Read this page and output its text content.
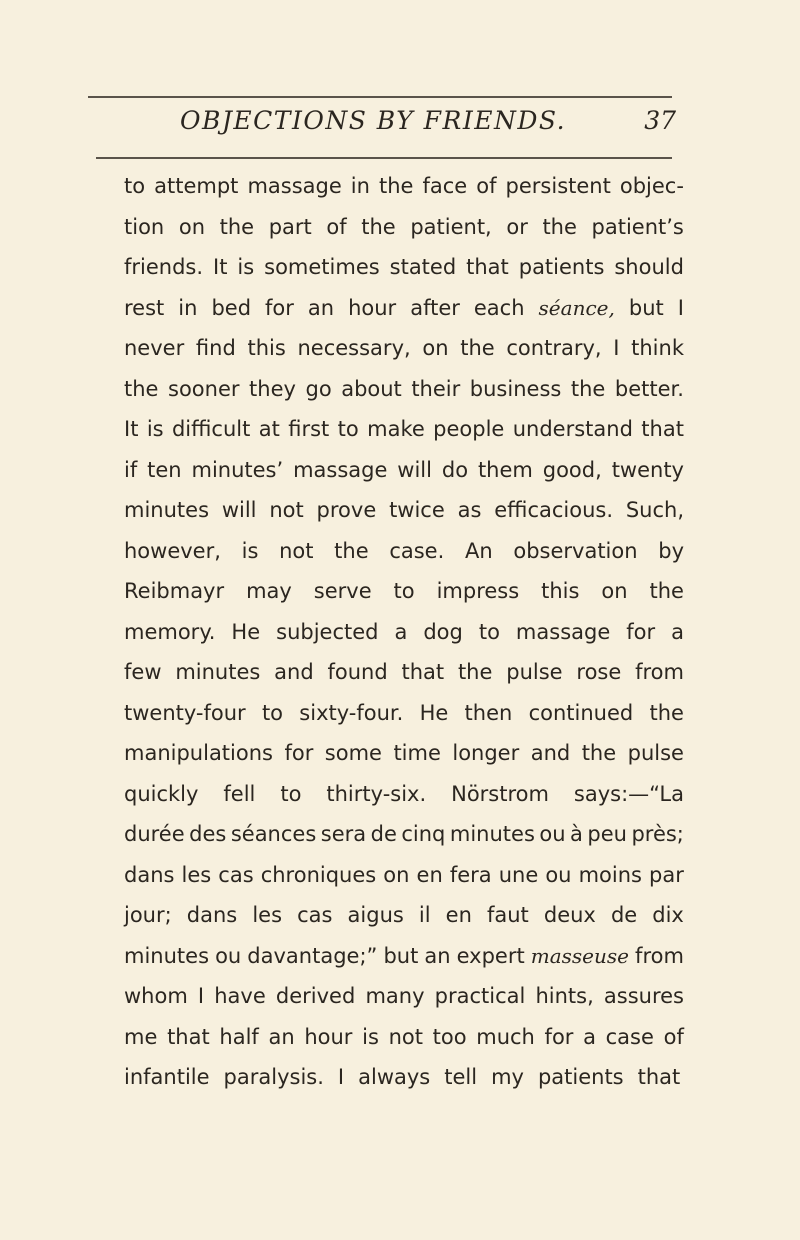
OBJECTIONS BY FRIENDS.	37
to attempt massage in the face of persistent objec-
tion on the part of the patient, or the patient’s
friends. It is sometimes stated that patients should
rest in bed for an hour after each séance, but I
never find this necessary, on the contrary, I think
the sooner they go about their business the better.
It is difficult at first to make people understand that
if ten minutes’ massage will do them good, twenty
minutes will not prove twice as efficacious. Such,
however, is not the case. An observation by
Reibmayr may serve to impress this on the
memory. He subjected a dog to massage for a
few minutes and found that the pulse rose from
twenty-four to sixty-four. He then continued the
manipulations for some time longer and the pulse
quickly fell to thirty-six. Nörstrom says:—“La
durée des séances sera de cinq minutes ou à peu près;
dans les cas chroniques on en fera une ou moins par
jour; dans les cas aigus il en faut deux de dix
minutes ou davantage;” but an expert masseuse from
whom I have derived many practical hints, assures
me that half an hour is not too much for a case of
infantile paralysis. I always tell my patients that
